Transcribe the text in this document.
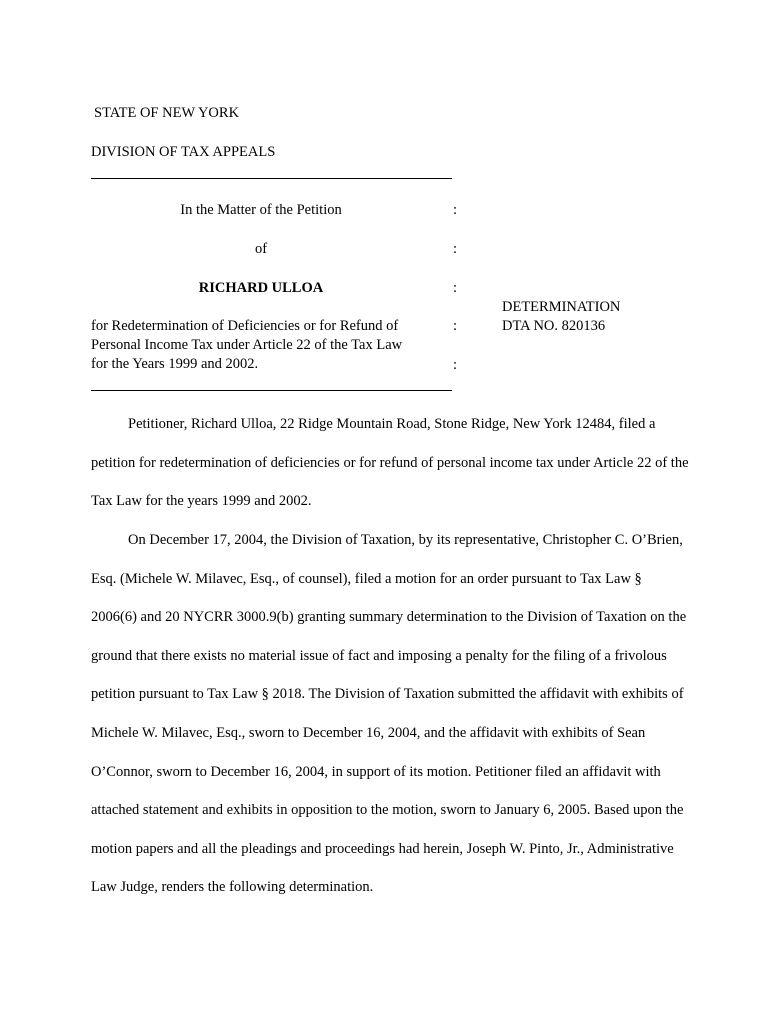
STATE OF NEW YORK
DIVISION OF TAX APPEALS
In the Matter of the Petition
of
RICHARD ULLOA
for Redetermination of Deficiencies or for Refund of
Personal Income Tax under Article 22 of the Tax Law
for the Years 1999 and 2002.
:
:
:
:
:
DETERMINATION
DTA NO. 820136
Petitioner, Richard Ulloa, 22 Ridge Mountain Road, Stone Ridge, New York 12484, filed a
petition for redetermination of deficiencies or for refund of personal income tax under Article 22 of the
Tax Law for the years 1999 and 2002.
On December 17, 2004, the Division of Taxation, by its representative, Christopher C. O’Brien,
Esq. (Michele W. Milavec, Esq., of counsel), filed a motion for an order pursuant to Tax Law §
2006(6) and 20 NYCRR 3000.9(b) granting summary determination to the Division of Taxation on the
ground that there exists no material issue of fact and imposing a penalty for the filing of a frivolous
petition pursuant to Tax Law § 2018. The Division of Taxation submitted the affidavit with exhibits of
Michele W. Milavec, Esq., sworn to December 16, 2004, and the affidavit with exhibits of Sean
O’Connor, sworn to December 16, 2004, in support of its motion. Petitioner filed an affidavit with
attached statement and exhibits in opposition to the motion, sworn to January 6, 2005. Based upon the
motion papers and all the pleadings and proceedings had herein, Joseph W. Pinto, Jr., Administrative
Law Judge, renders the following determination.
